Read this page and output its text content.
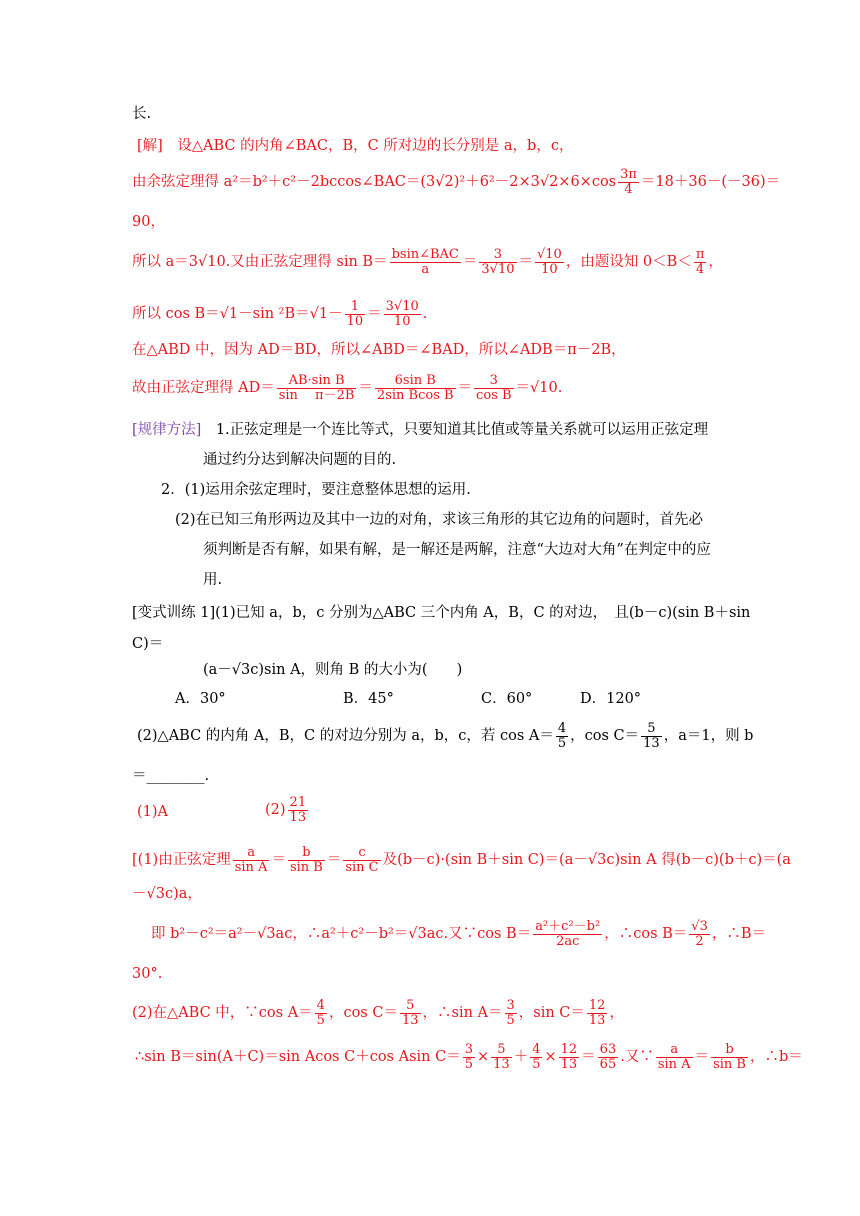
长.
[解]　 设△ABC 的内角∠BAC，B，C 所对边的长分别是 a，b，c，
由余弦定理得 a²＝b²＋c²－2bccos∠BAC＝(3√2)²＋6²－2×3√2×6×cos $\frac{3\pi}{4} =18+36-(-36)=$
90，
所以 a＝3√10.又由正弦定理得 $\sin B= \frac{\text{bsin∠BAC}}{a} = \frac{3}{3√10} = \frac{√10}{10}$ ，由题设知 $0<B< \frac{\pi}{4}$ ，
所以 cos B＝√1－sin $^2B=√1- \frac{1}{10} = \frac{3√10}{10}$ .
在△ABD 中，因为 AD＝BD，所以∠ABD＝∠BAD，所以∠ADB＝π－2B，
故由正弦定理得 $AD= \frac{\text{AB·sin B}}{\text{sin　 π－2B}} = \frac{\text{6sin B}}{\text{2sin Bcos B}} = \frac{3}{\text{cos B}} =√10$.
[规律方法]　 1.正弦定理是一个连比等式，只要知道其比值或等量关系就可以运用正弦定理
通过约分达到解决问题的目的.
2．(1)运用余弦定理时，要注意整体思想的运用.
(2)在已知三角形两边及其中一边的对角，求该三角形的其它边角的问题时，首先必
须判断是否有解，如果有解，是一解还是两解，注意“大边对大角”在判定中的应
用.
[变式训练 1](1)已知 a，b，c 分别为△ABC 三个内角 A，B，C 的对边，　且(b－c)(sin B＋sin
C)＝
(a－√3c)sin A，则角 B 的大小为(　　)
A．30°	B．45°	C．60°	D．120°
(2)△ABC 的内角 A，B，C 的对边分别为 a，b，c，若 $\cos A= \frac{4}{5}$ ，$\cos C= \frac{5}{13}$ ，a＝1，则 b
＝________.
(1)A	$(2) \frac{21}{13}$
[(1)由正弦定理 $\frac{a}{\text{sin A}} = \frac{b}{\text{sin B}} = \frac{c}{\text{sin C}}$ 及(b－c)·(sin B＋sin C)＝(a－√3c)sin A 得(b－c)(b＋c)＝(a
－√3c)a，
即 b²－c²＝a²－√3ac，∴a²＋c²－b²＝√3ac.又∵cos $B= \frac{\text{a²＋c²－b²}}{2ac}$ ，∴cos $B= \frac{√3}{2}$ ，∴B＝
30°.
(2)在△ABC 中，∵cos $A= \frac{4}{5}$ ，$\cos C= \frac{5}{13}$ ，∴sin $A= \frac{3}{5}$ ，$\sin C= \frac{12}{13}$ ，
∴sin B＝sin(A＋C)＝sin Acos C＋cos Asin $C= \frac{3}{5} \times \frac{5}{13} + \frac{4}{5} \times \frac{12}{13} = \frac{63}{65}$ .又∵ $\frac{a}{\text{sin A}} = \frac{b}{\text{sin B}}$ ，∴b＝
